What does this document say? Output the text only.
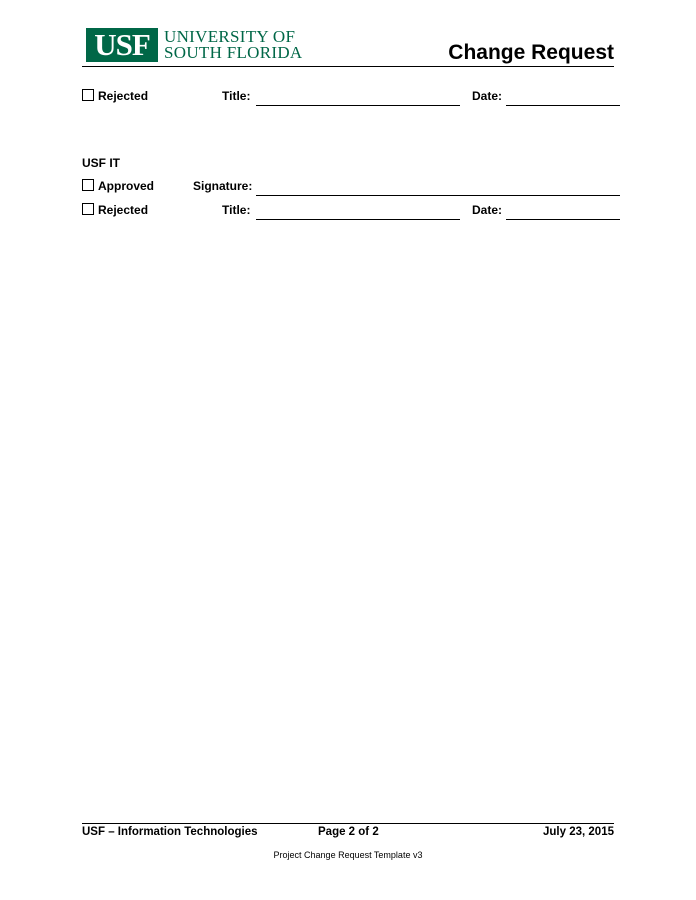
USF UNIVERSITY OF
SOUTH FLORIDA	Change Request
Rejected	Title:	Date:
USF IT
Approved	Signature:
Rejected	Title:	Date:
USF – Information Technologies	Page 2 of 2	July 23, 2015
Project Change Request Template v3
